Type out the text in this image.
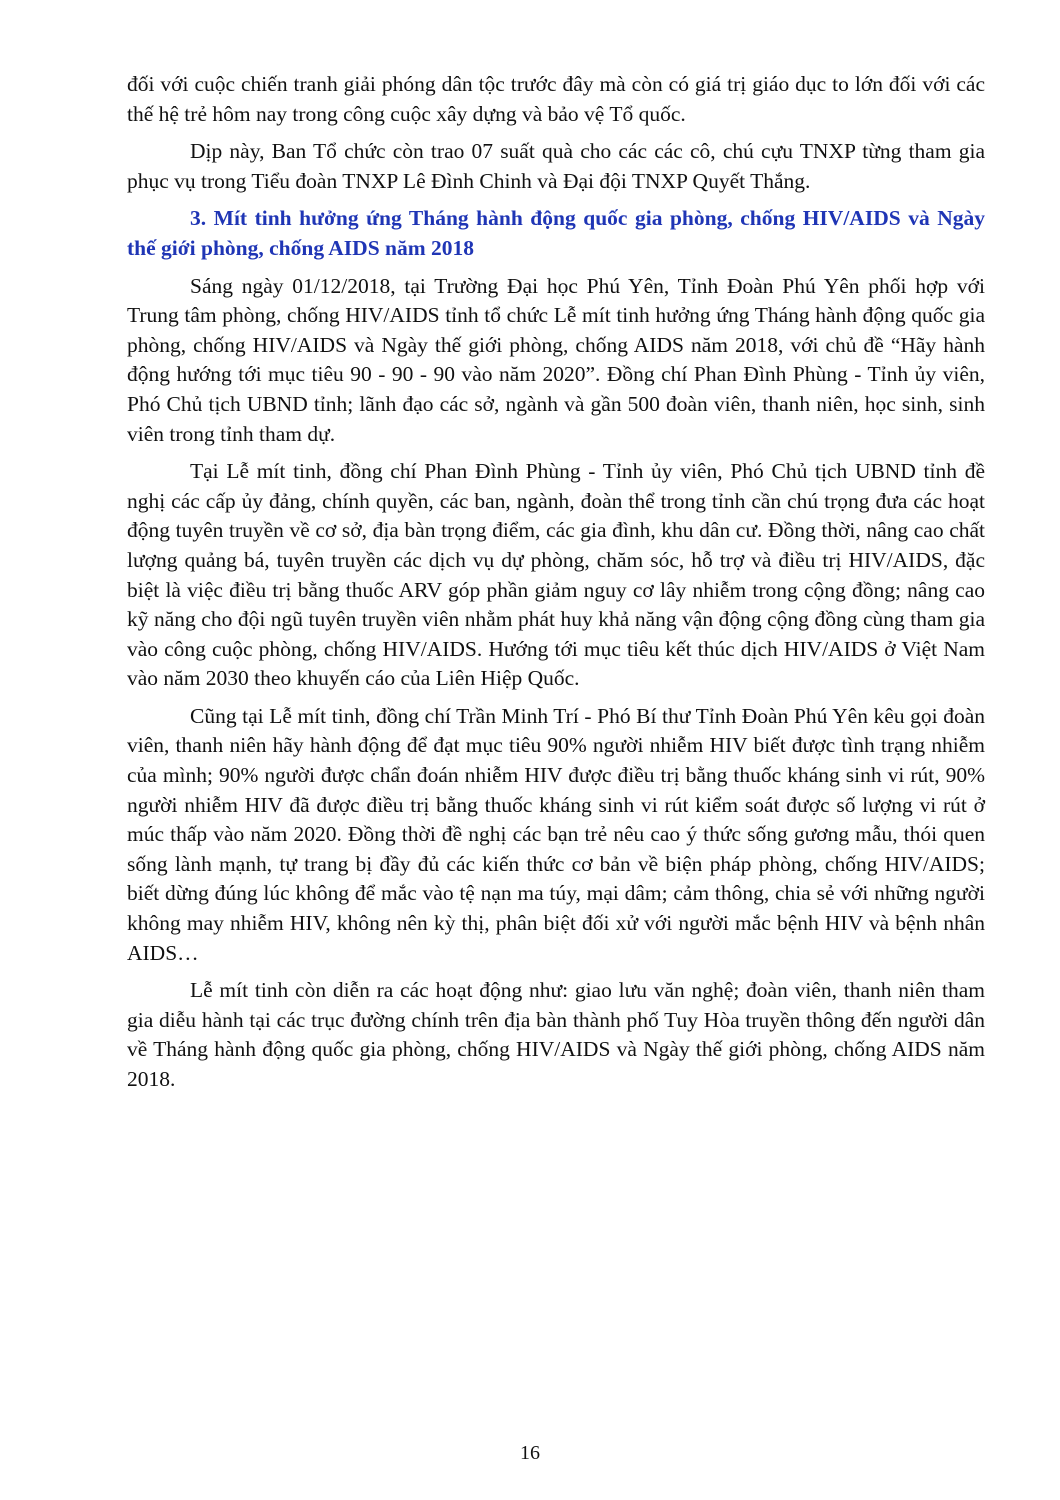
đối với cuộc chiến tranh giải phóng dân tộc trước đây mà còn có giá trị giáo dục to lớn đối với các thế hệ trẻ hôm nay trong công cuộc xây dựng và bảo vệ Tổ quốc.

Dịp này, Ban Tổ chức còn trao 07 suất quà cho các các cô, chú cựu TNXP từng tham gia phục vụ trong Tiểu đoàn TNXP Lê Đình Chinh và Đại đội TNXP Quyết Thắng.

3. Mít tinh hưởng ứng Tháng hành động quốc gia phòng, chống HIV/AIDS và Ngày thế giới phòng, chống AIDS năm 2018

Sáng ngày 01/12/2018, tại Trường Đại học Phú Yên, Tỉnh Đoàn Phú Yên phối hợp với Trung tâm phòng, chống HIV/AIDS tỉnh tổ chức Lễ mít tinh hưởng ứng Tháng hành động quốc gia phòng, chống HIV/AIDS và Ngày thế giới phòng, chống AIDS năm 2018, với chủ đề “Hãy hành động hướng tới mục tiêu 90 - 90 - 90 vào năm 2020”. Đồng chí Phan Đình Phùng - Tỉnh ủy viên, Phó Chủ tịch UBND tỉnh; lãnh đạo các sở, ngành và gần 500 đoàn viên, thanh niên, học sinh, sinh viên trong tỉnh tham dự.

Tại Lễ mít tinh, đồng chí Phan Đình Phùng - Tỉnh ủy viên, Phó Chủ tịch UBND tỉnh đề nghị các cấp ủy đảng, chính quyền, các ban, ngành, đoàn thể trong tỉnh cần chú trọng đưa các hoạt động tuyên truyền về cơ sở, địa bàn trọng điểm, các gia đình, khu dân cư. Đồng thời, nâng cao chất lượng quảng bá, tuyên truyền các dịch vụ dự phòng, chăm sóc, hỗ trợ và điều trị HIV/AIDS, đặc biệt là việc điều trị bằng thuốc ARV góp phần giảm nguy cơ lây nhiễm trong cộng đồng; nâng cao kỹ năng cho đội ngũ tuyên truyền viên nhằm phát huy khả năng vận động cộng đồng cùng tham gia vào công cuộc phòng, chống HIV/AIDS. Hướng tới mục tiêu kết thúc dịch HIV/AIDS ở Việt Nam vào năm 2030 theo khuyến cáo của Liên Hiệp Quốc.

Cũng tại Lễ mít tinh, đồng chí Trần Minh Trí - Phó Bí thư Tỉnh Đoàn Phú Yên kêu gọi đoàn viên, thanh niên hãy hành động để đạt mục tiêu 90% người nhiễm HIV biết được tình trạng nhiễm của mình; 90% người được chẩn đoán nhiễm HIV được điều trị bằng thuốc kháng sinh vi rút, 90% người nhiễm HIV đã được điều trị bằng thuốc kháng sinh vi rút kiểm soát được số lượng vi rút ở múc thấp vào năm 2020. Đồng thời đề nghị các bạn trẻ nêu cao ý thức sống gương mẫu, thói quen sống lành mạnh, tự trang bị đầy đủ các kiến thức cơ bản về biện pháp phòng, chống HIV/AIDS; biết dừng đúng lúc không để mắc vào tệ nạn ma túy, mại dâm; cảm thông, chia sẻ với những người không may nhiễm HIV, không nên kỳ thị, phân biệt đối xử với người mắc bệnh HIV và bệnh nhân AIDS…

Lễ mít tinh còn diễn ra các hoạt động như: giao lưu văn nghệ; đoàn viên, thanh niên tham gia diễu hành tại các trục đường chính trên địa bàn thành phố Tuy Hòa truyền thông đến người dân về Tháng hành động quốc gia phòng, chống HIV/AIDS và Ngày thế giới phòng, chống AIDS năm 2018.

16
